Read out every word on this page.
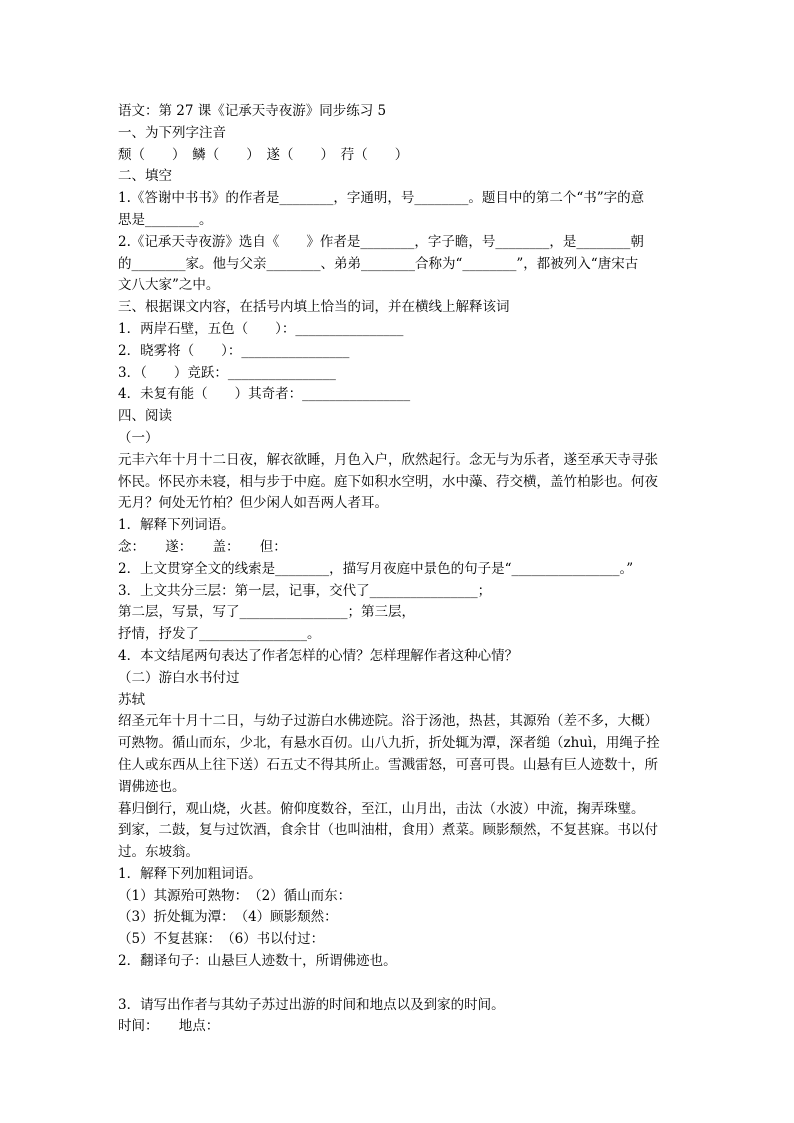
语文：第 27 课《记承天寺夜游》同步练习 5
一、为下列字注音
颓（　　）　鳞（　　）　遂（　　）　荇（　　）
二、填空
1.《答谢中书书》的作者是________，字通明，号________。题目中的第二个“书”字的意
思是________。
2.《记承天寺夜游》选自《　　》作者是________，字子瞻，号________，是________朝
的________家。他与父亲________、弟弟________合称为“________”，都被列入“唐宋古
文八大家”之中。
三、根据课文内容，在括号内填上恰当的词，并在横线上解释该词
1．两岸石壁，五色（　　）：________________
2．晓雾将（　　）：________________
3．（　　）竞跃：________________
4．未复有能（　　）其奇者：________________
四、阅读
（一）
元丰六年十月十二日夜，解衣欲睡，月色入户，欣然起行。念无与为乐者，遂至承天寺寻张
怀民。怀民亦未寝，相与步于中庭。庭下如积水空明，水中藻、荇交横，盖竹柏影也。何夜
无月？何处无竹柏？但少闲人如吾两人者耳。
1．解释下列词语。
念：　　遂：　　盖：　　但：
2．上文贯穿全文的线索是________，描写月夜庭中景色的句子是“________________。”
3．上文共分三层：第一层，记事，交代了________________；
第二层，写景，写了________________；第三层，
抒情，抒发了________________。
4．本文结尾两句表达了作者怎样的心情？怎样理解作者这种心情？
（二）游白水书付过
苏轼
绍圣元年十月十二日，与幼子过游白水佛迹院。浴于汤池，热甚，其源殆（差不多，大概）
可熟物。循山而东，少北，有悬水百仞。山八九折，折处辄为潭，深者缒（zhuì，用绳子拴
住人或东西从上往下送）石五丈不得其所止。雪溅雷怒，可喜可畏。山悬有巨人迹数十，所
谓佛迹也。
暮归倒行，观山烧，火甚。俯仰度数谷，至江，山月出，击汰（水波）中流，掬弄珠璧。
到家，二鼓，复与过饮酒，食余甘（也叫油柑，食用）煮菜。顾影颓然，不复甚寐。书以付
过。东坡翁。
1．解释下列加粗词语。
（1）其源殆可熟物：　（2）循山而东：
（3）折处辄为潭：　（4）顾影颓然：
（5）不复甚寐：　（6）书以付过：
2．翻译句子：山悬巨人迹数十，所谓佛迹也。
3．请写出作者与其幼子苏过出游的时间和地点以及到家的时间。
时间：　　地点：
